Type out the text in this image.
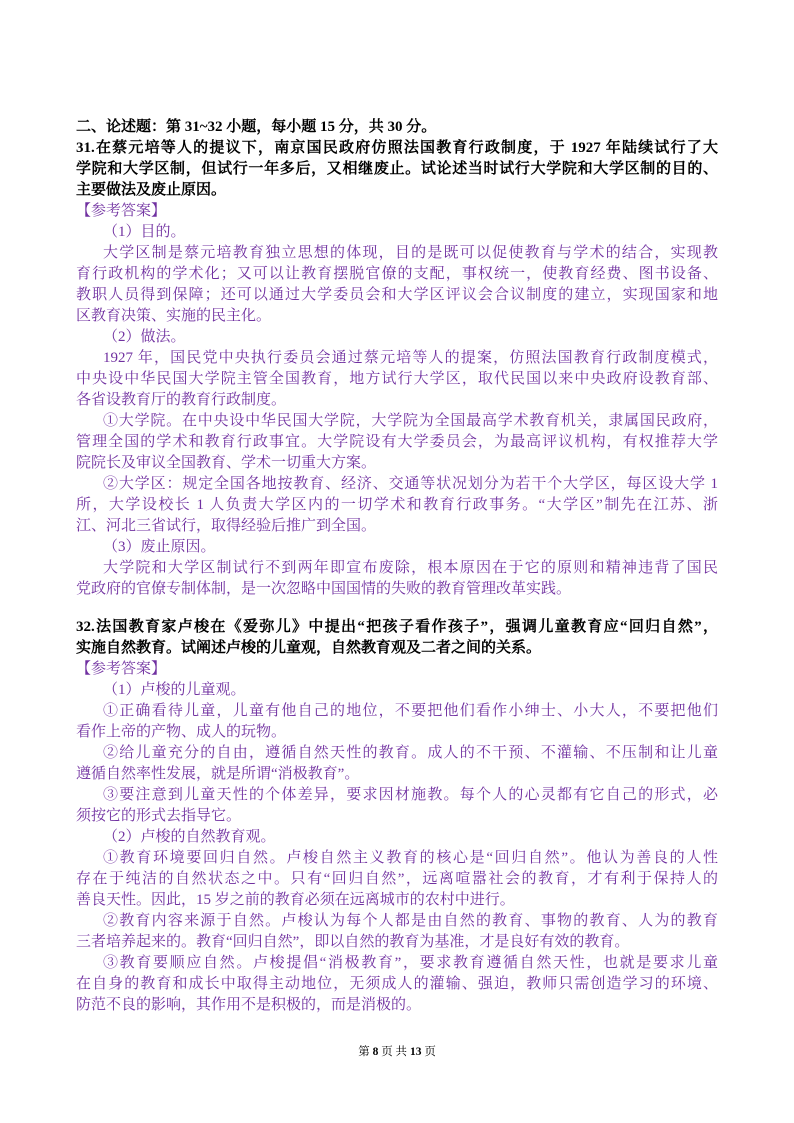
二、论述题：第 31~32 小题，每小题 15 分，共 30 分。
31.在蔡元培等人的提议下，南京国民政府仿照法国教育行政制度，于 1927 年陆续试行了大
学院和大学区制，但试行一年多后，又相继废止。试论述当时试行大学院和大学区制的目的、
主要做法及废止原因。
【参考答案】
（1）目的。
大学区制是蔡元培教育独立思想的体现，目的是既可以促使教育与学术的结合，实现教
育行政机构的学术化；又可以让教育摆脱官僚的支配，事权统一，使教育经费、图书设备、
教职人员得到保障；还可以通过大学委员会和大学区评议会合议制度的建立，实现国家和地
区教育决策、实施的民主化。
（2）做法。
1927 年，国民党中央执行委员会通过蔡元培等人的提案，仿照法国教育行政制度模式，
中央设中华民国大学院主管全国教育，地方试行大学区，取代民国以来中央政府设教育部、
各省设教育厅的教育行政制度。
①大学院。在中央设中华民国大学院，大学院为全国最高学术教育机关，隶属国民政府，
管理全国的学术和教育行政事宜。大学院设有大学委员会，为最高评议机构，有权推荐大学
院院长及审议全国教育、学术一切重大方案。
②大学区：规定全国各地按教育、经济、交通等状况划分为若干个大学区，每区设大学 1
所，大学设校长 1 人负责大学区内的一切学术和教育行政事务。“大学区”制先在江苏、浙
江、河北三省试行，取得经验后推广到全国。
（3）废止原因。
大学院和大学区制试行不到两年即宣布废除，根本原因在于它的原则和精神违背了国民
党政府的官僚专制体制，是一次忽略中国国情的失败的教育管理改革实践。
32.法国教育家卢梭在《爱弥儿》中提出“把孩子看作孩子”，强调儿童教育应“回归自然”，
实施自然教育。试阐述卢梭的儿童观，自然教育观及二者之间的关系。
【参考答案】
（1）卢梭的儿童观。
①正确看待儿童，儿童有他自己的地位，不要把他们看作小绅士、小大人，不要把他们
看作上帝的产物、成人的玩物。
②给儿童充分的自由，遵循自然天性的教育。成人的不干预、不灌输、不压制和让儿童
遵循自然率性发展，就是所谓“消极教育”。
③要注意到儿童天性的个体差异，要求因材施教。每个人的心灵都有它自己的形式，必
须按它的形式去指导它。
（2）卢梭的自然教育观。
①教育环境要回归自然。卢梭自然主义教育的核心是“回归自然”。他认为善良的人性
存在于纯洁的自然状态之中。只有“回归自然”，远离喧嚣社会的教育，才有利于保持人的
善良天性。因此，15 岁之前的教育必须在远离城市的农村中进行。
②教育内容来源于自然。卢梭认为每个人都是由自然的教育、事物的教育、人为的教育
三者培养起来的。教育“回归自然”，即以自然的教育为基准，才是良好有效的教育。
③教育要顺应自然。卢梭提倡“消极教育”，要求教育遵循自然天性，也就是要求儿童
在自身的教育和成长中取得主动地位，无须成人的灌输、强迫，教师只需创造学习的环境、
防范不良的影响，其作用不是积极的，而是消极的。
第 8 页 共 13 页
